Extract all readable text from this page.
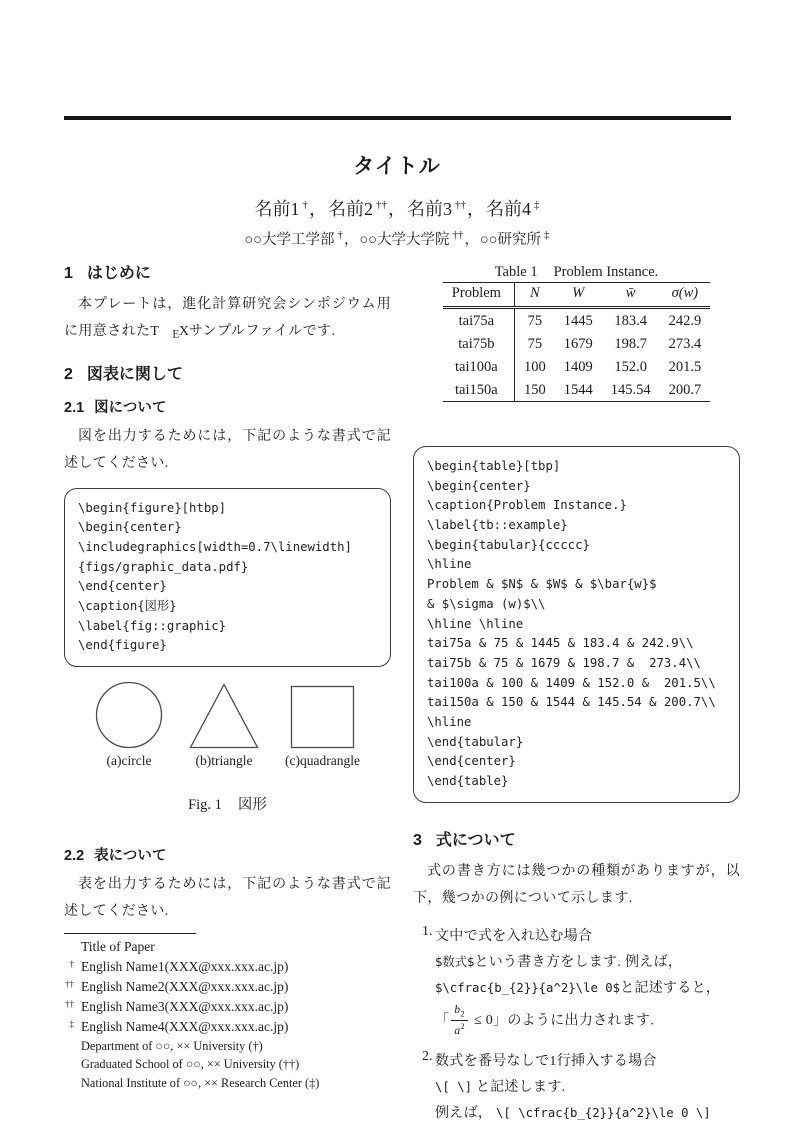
タイトル
名前1 †，名前2 ††，名前3 ††，名前4 ‡
○○大学工学部 †，○○大学大学院 ††，○○研究所 ‡
1 はじめに

本プレートは，進化計算研究会シンポジウム用に用意されたT EXサンプルファイルです.

2 図表に関して
2.1 図について

図を出力するためには，下記のような書式で記述してください.

\begin{figure}[htbp]
\begin{center}
\includegraphics[width=0.7\linewidth]
{figs/graphic_data.pdf}
\end{center}
\caption{図形}
\label{fig::graphic}
\end{figure}
(a)circle	(b)triangle	(c)quadrangle
Fig. 1 図形
2.2 表について

表を出力するためには，下記のような書式で記述してください.

Title of Paper
† English Name1(XXX@xxx.xxx.ac.jp)
†† English Name2(XXX@xxx.xxx.ac.jp)
†† English Name3(XXX@xxx.xxx.ac.jp)
‡ English Name4(XXX@xxx.xxx.ac.jp)
Department of ○○, ×× University (†)
Graduated School of ○○, ×× University (††)
National Institute of ○○, ×× Research Center (‡)
Table 1 Problem Instance.
Problem	N	W	w̄	σ(w)
tai75a	75	1445	183.4	242.9
tai75b	75	1679	198.7	273.4
tai100a	100	1409	152.0	201.5
tai150a	150	1544	145.54	200.7
\begin{table}[tbp]
\begin{center}
\caption{Problem Instance.}
\label{tb::example}
\begin{tabular}{ccccc}
\hline
Problem & $N$ & $W$ & $\bar{w}$
& $\sigma (w)$\\
\hline \hline
tai75a & 75 & 1445 & 183.4 & 242.9\\
tai75b & 75 & 1679 & 198.7 &  273.4\\
tai100a & 100 & 1409 & 152.0 &  201.5\\
tai150a & 150 & 1544 & 145.54 & 200.7\\
\hline
\end{tabular}
\end{center}
\end{table}
3 式について

式の書き方には幾つかの種類がありますが，以下，幾つかの例について示します.

1. 文中で式を入れ込む場合
$数式$という書き方をします. 例えば，
$\cfrac{b_{2}}{a^2}\le 0$と記述すると，
「 $\frac{b_2}{a^2} \le 0$」のように出力されます.
2. 数式を番号なしで1行挿入する場合
\[ \] と記述します.
例えば， \[ \cfrac{b_{2}}{a^2}\le 0 \]
